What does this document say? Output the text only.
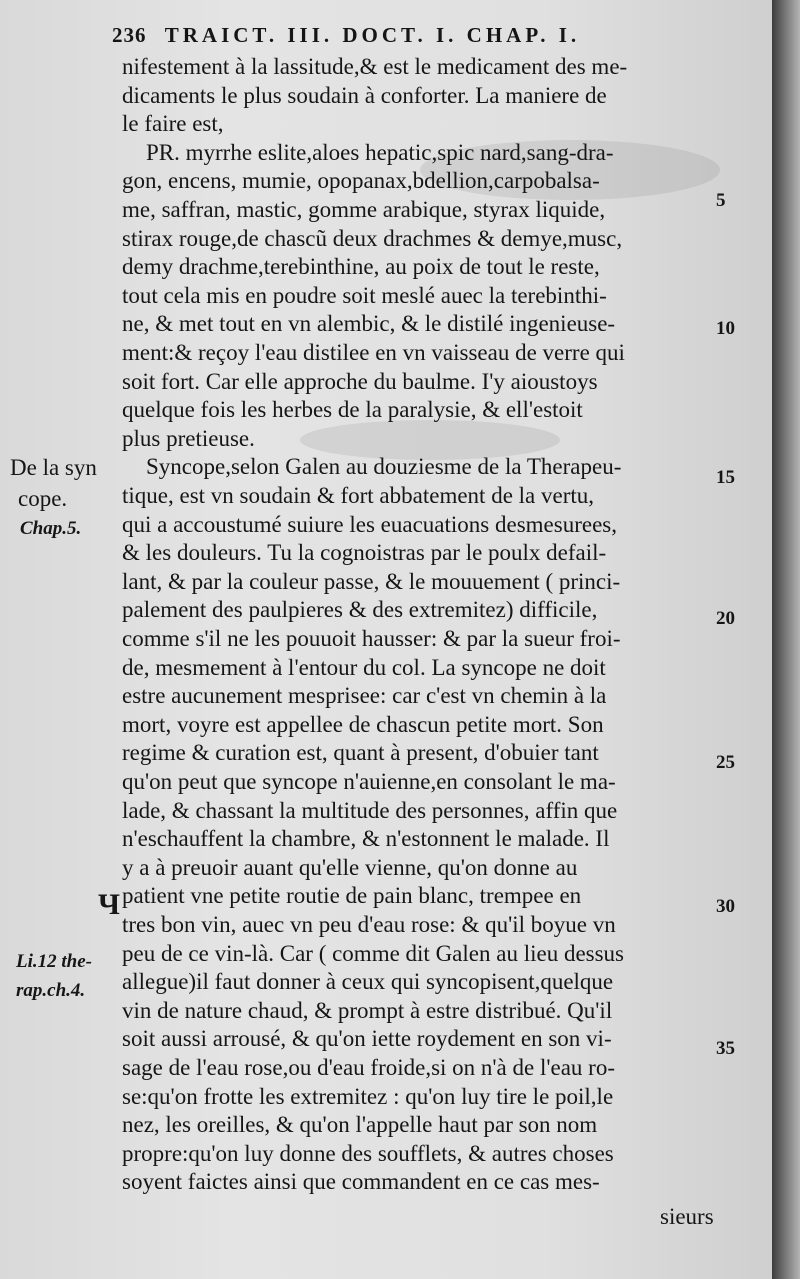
236 TRAICT. III. DOCT. I. CHAP. I.
nifestement à la lassitude,& est le medicament des me-
dicaments le plus soudain à conforter. La maniere de
le faire est,
PR. myrrhe eslite,aloes hepatic,spic nard,sang-dra-
gon, encens, mumie, opopanax,bdellion,carpobalsa-
me, saffran, mastic, gomme arabique, styrax liquide,
stirax rouge,de chascũ deux drachmes & demye,musc,
demy drachme,terebinthine, au poix de tout le reste,
tout cela mis en poudre soit meslé auec la terebinthi-
ne, & met tout en vn alembic, & le distilé ingenieuse-
ment:& reçoy l'eau distilee en vn vaisseau de verre qui
soit fort. Car elle approche du baulme. I'y aioustoys
quelque fois les herbes de la paralysie, & ell'estoit
plus pretieuse.
Syncope,selon Galen au douziesme de la Therapeu-
tique, est vn soudain & fort abbatement de la vertu,
qui a accoustumé suiure les euacuations desmesurees,
& les douleurs. Tu la cognoistras par le poulx defail-
lant, & par la couleur passe, & le mouuement ( princi-
palement des paulpieres & des extremitez) difficile,
comme s'il ne les pouuoit hausser: & par la sueur froi-
de, mesmement à l'entour du col. La syncope ne doit
estre aucunement mesprisee: car c'est vn chemin à la
mort, voyre est appellee de chascun petite mort. Son
regime & curation est, quant à present, d'obuier tant
qu'on peut que syncope n'auienne,en consolant le ma-
lade, & chassant la multitude des personnes, affin que
n'eschauffent la chambre, & n'estonnent le malade. Il
y a à preuoir auant qu'elle vienne, qu'on donne au
patient vne petite routie de pain blanc, trempee en
tres bon vin, auec vn peu d'eau rose: & qu'il boyue vn
peu de ce vin-là. Car ( comme dit Galen au lieu dessus
allegue)il faut donner à ceux qui syncopisent,quelque
vin de nature chaud, & prompt à estre distribué. Qu'il
soit aussi arrousé, & qu'on iette roydement en son vi-
sage de l'eau rose,ou d'eau froide,si on n'à de l'eau ro-
se:qu'on frotte les extremitez : qu'on luy tire le poil,le
nez, les oreilles, & qu'on l'appelle haut par son nom
propre:qu'on luy donne des soufflets, & autres choses
soyent faictes ainsi que commandent en ce cas mes-
De la syn
cope.
Chap.5.
Ч
Li.12 the-
rap.ch.4.
5
10
15
20
25
30
35
sieurs
